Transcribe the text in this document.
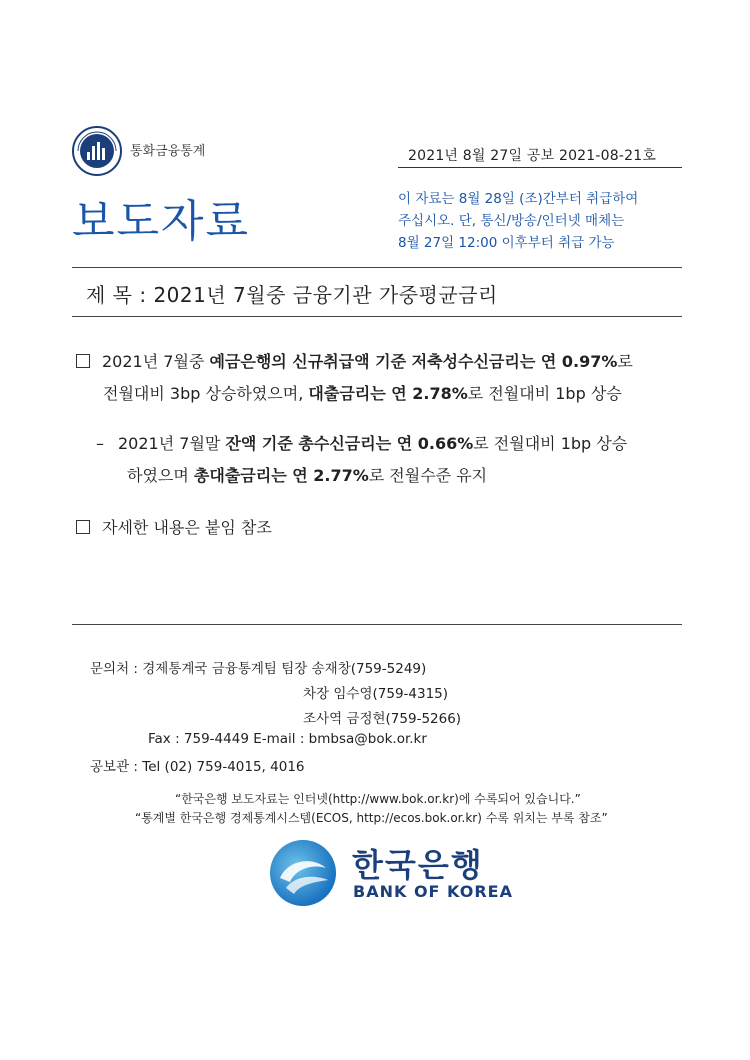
통화금융통계	2021년 8월 27일 공보 2021-08-21호
보도자료	이 자료는 8월 28일 (조)간부터 취급하여
주십시오. 단, 통신/방송/인터넷 매체는
8월 27일 12:00 이후부터 취급 가능
제 목 : 2021년 7월중 금융기관 가중평균금리
2021년 7월중 예금은행의 신규취급액 기준 저축성수신금리는 연 0.97%로
전월대비 3bp 상승하였으며, 대출금리는 연 2.78%로 전월대비 1bp 상승
– 2021년 7월말 잔액 기준 총수신금리는 연 0.66%로 전월대비 1bp 상승
하였으며 총대출금리는 연 2.77%로 전월수준 유지
자세한 내용은 붙임 참조
문의처 : 경제통계국 금융통계팀 팀장 송재창(759-5249)
차장 임수영(759-4315)
조사역 금정현(759-5266)
Fax : 759-4449 E-mail : bmbsa@bok.or.kr
공보관 : Tel (02) 759-4015, 4016
“한국은행 보도자료는 인터넷(http://www.bok.or.kr)에 수록되어 있습니다.”
“통계별 한국은행 경제통계시스템(ECOS, http://ecos.bok.or.kr) 수록 위치는 부록 참조”
한국은행
BANK OF KOREA
